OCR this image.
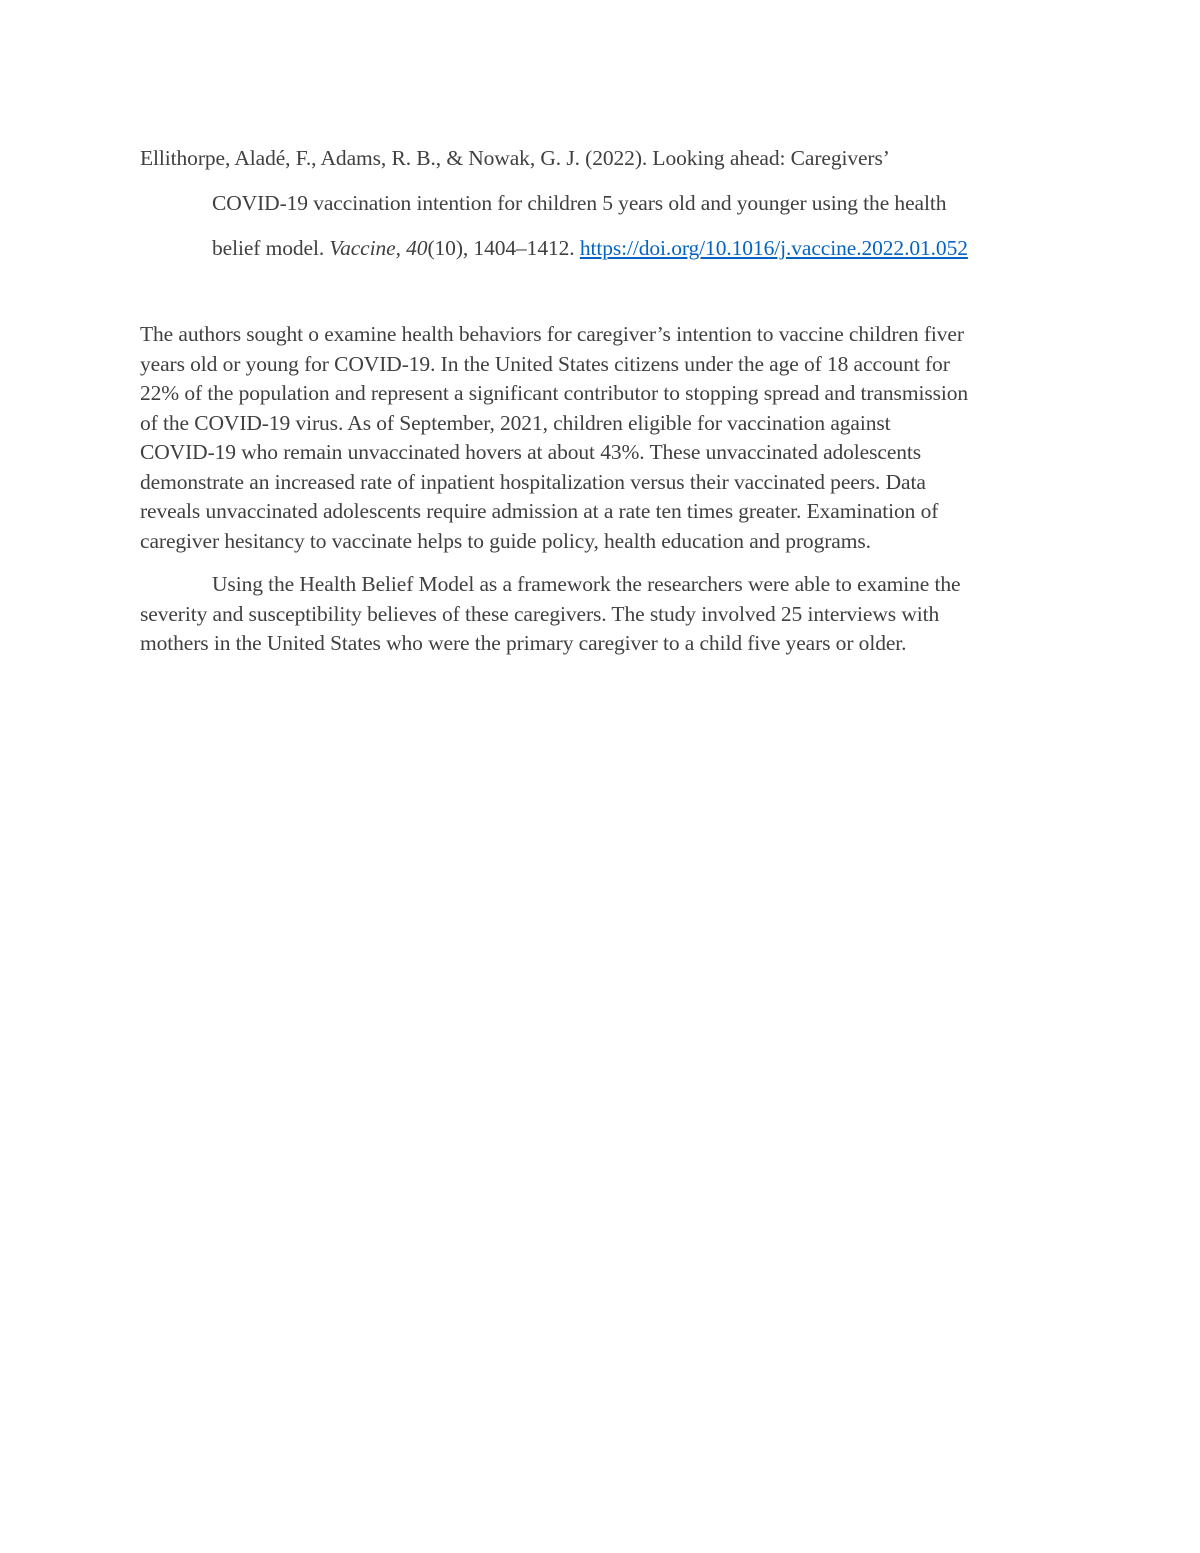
Ellithorpe, Aladé, F., Adams, R. B., & Nowak, G. J. (2022). Looking ahead: Caregivers’
COVID-19 vaccination intention for children 5 years old and younger using the health
belief model. Vaccine, 40(10), 1404–1412. https://doi.org/10.1016/j.vaccine.2022.01.052

The authors sought o examine health behaviors for caregiver’s intention to vaccine children fiver
years old or young for COVID-19. In the United States citizens under the age of 18 account for
22% of the population and represent a significant contributor to stopping spread and transmission
of the COVID-19 virus. As of September, 2021, children eligible for vaccination against
COVID-19 who remain unvaccinated hovers at about 43%. These unvaccinated adolescents
demonstrate an increased rate of inpatient hospitalization versus their vaccinated peers. Data
reveals unvaccinated adolescents require admission at a rate ten times greater. Examination of
caregiver hesitancy to vaccinate helps to guide policy, health education and programs.

Using the Health Belief Model as a framework the researchers were able to examine the
severity and susceptibility believes of these caregivers. The study involved 25 interviews with
mothers in the United States who were the primary caregiver to a child five years or older.
